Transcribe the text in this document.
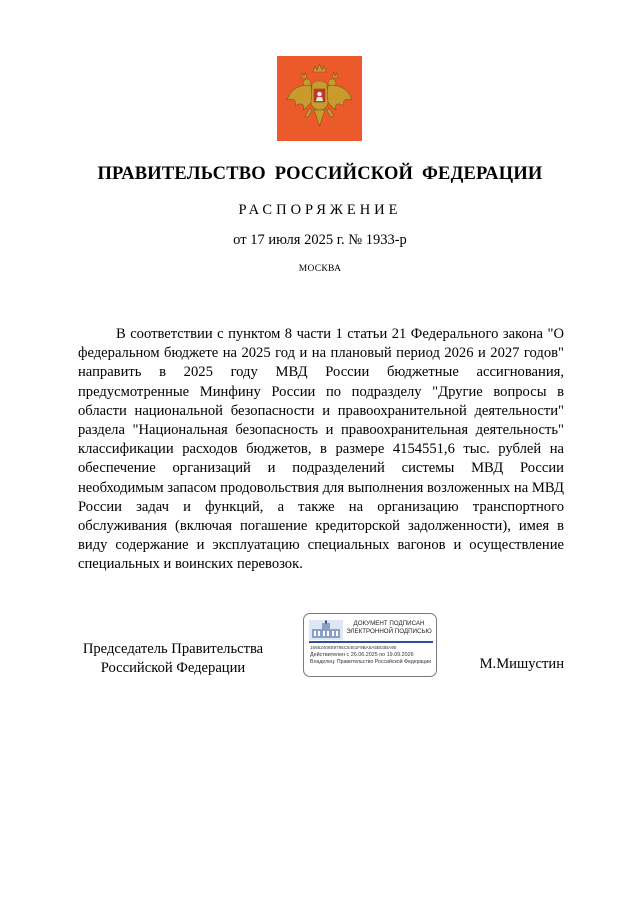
ПРАВИТЕЛЬСТВО РОССИЙСКОЙ ФЕДЕРАЦИИ
РАСПОРЯЖЕНИЕ
от 17 июля 2025 г. № 1933-р
МОСКВА

В соответствии с пунктом 8 части 1 статьи 21 Федерального закона "О федеральном бюджете на 2025 год и на плановый период 2026 и 2027 годов" направить в 2025 году МВД России бюджетные ассигнования, предусмотренные Минфину России по подразделу "Другие вопросы в области национальной безопасности и правоохранительной деятельности" раздела "Национальная безопасность и правоохранительная деятельность" классификации расходов бюджетов, в размере 4154551,6 тыс. рублей на обеспечение организаций и подразделений системы МВД России необходимым запасом продовольствия для выполнения возложенных на МВД России задач и функций, а также на организацию транспортного обслуживания (включая погашение кредиторской задолженности), имея в виду содержание и эксплуатацию специальных вагонов и осуществление специальных и воинских перевозок.

Председатель Правительства
Российской Федерации
ДОКУМЕНТ ПОДПИСАН
ЭЛЕКТРОННОЙ ПОДПИСЬЮ
16662406E9795C5451F9BA5A5B03BA90
Действителен с 26.06.2025 по 19.09.2026
Владелец: Правительство Российской Федерации	М.Мишустин
